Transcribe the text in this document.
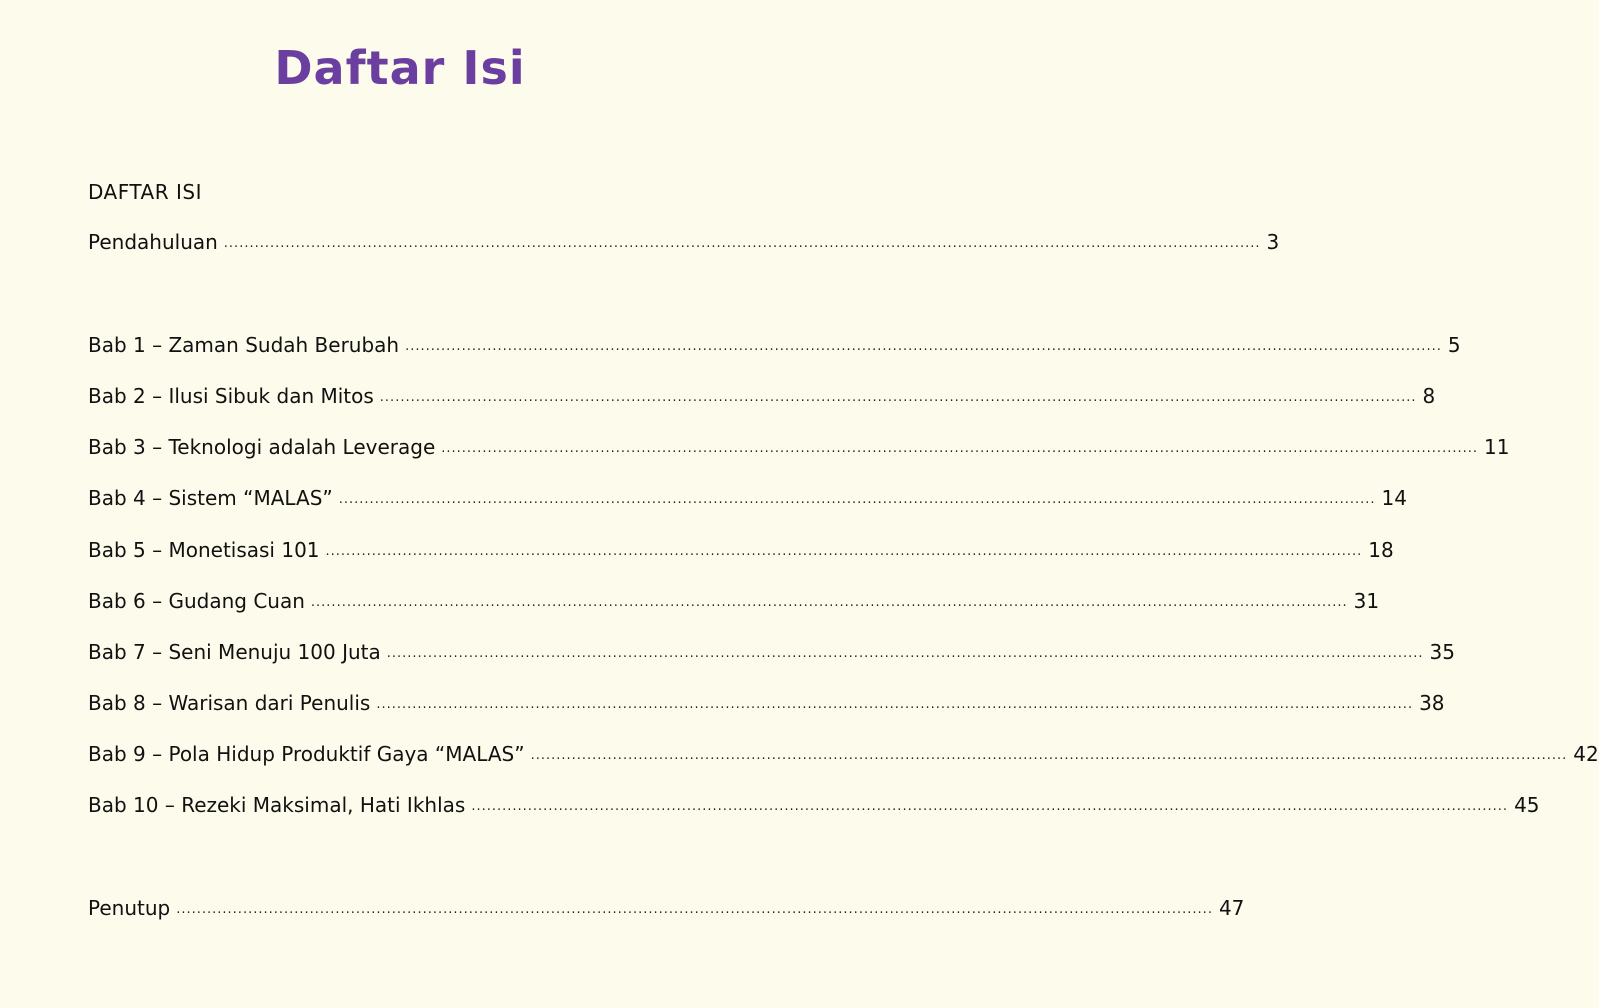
Daftar Isi
DAFTAR ISI
Pendahuluan .......................................................................................................................................................................................................... 3
Bab 1 – Zaman Sudah Berubah .......................................................................................................................................................................................................... 5
Bab 2 – Ilusi Sibuk dan Mitos .......................................................................................................................................................................................................... 8
Bab 3 – Teknologi adalah Leverage .......................................................................................................................................................................................................... 11
Bab 4 – Sistem “MALAS” .......................................................................................................................................................................................................... 14
Bab 5 – Monetisasi 101 .......................................................................................................................................................................................................... 18
Bab 6 – Gudang Cuan .......................................................................................................................................................................................................... 31
Bab 7 – Seni Menuju 100 Juta .......................................................................................................................................................................................................... 35
Bab 8 – Warisan dari Penulis .......................................................................................................................................................................................................... 38
Bab 9 – Pola Hidup Produktif Gaya “MALAS” .......................................................................................................................................................................................................... 42
Bab 10 – Rezeki Maksimal, Hati Ikhlas .......................................................................................................................................................................................................... 45
Penutup .......................................................................................................................................................................................................... 47
